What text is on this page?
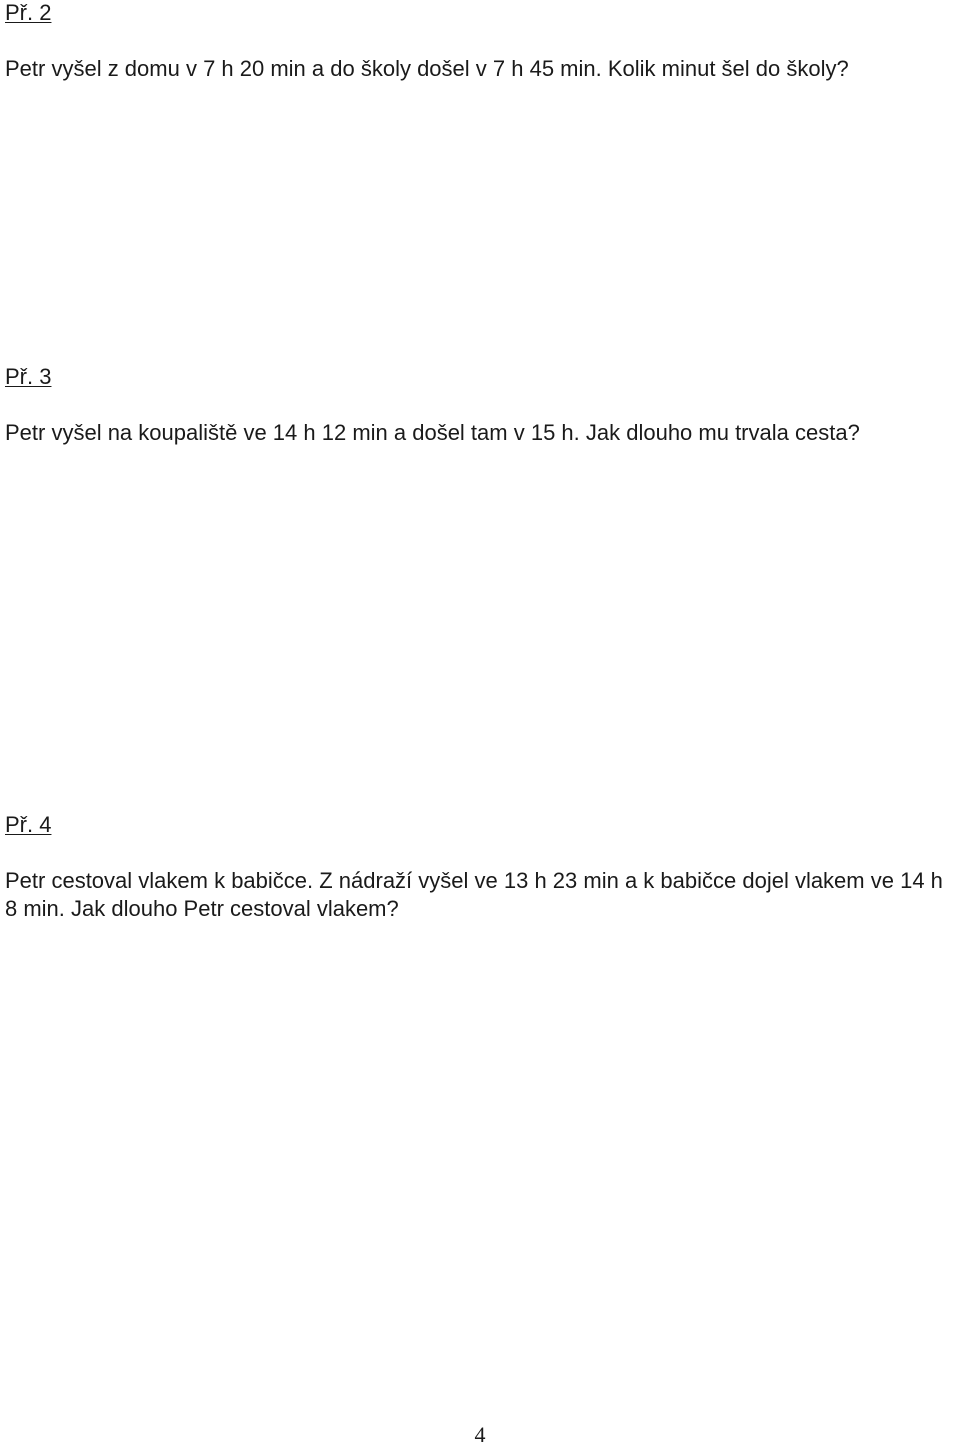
Př. 2

Petr vyšel z domu v 7 h 20 min a do školy došel v 7 h 45 min. Kolik minut šel do školy?

Př. 3

Petr vyšel na koupaliště ve 14 h 12 min a došel tam v 15 h. Jak dlouho mu trvala cesta?

Př. 4

Petr cestoval vlakem k babičce. Z nádraží vyšel ve 13 h 23 min a k babičce dojel vlakem ve 14 h 8 min. Jak dlouho Petr cestoval vlakem?

4
